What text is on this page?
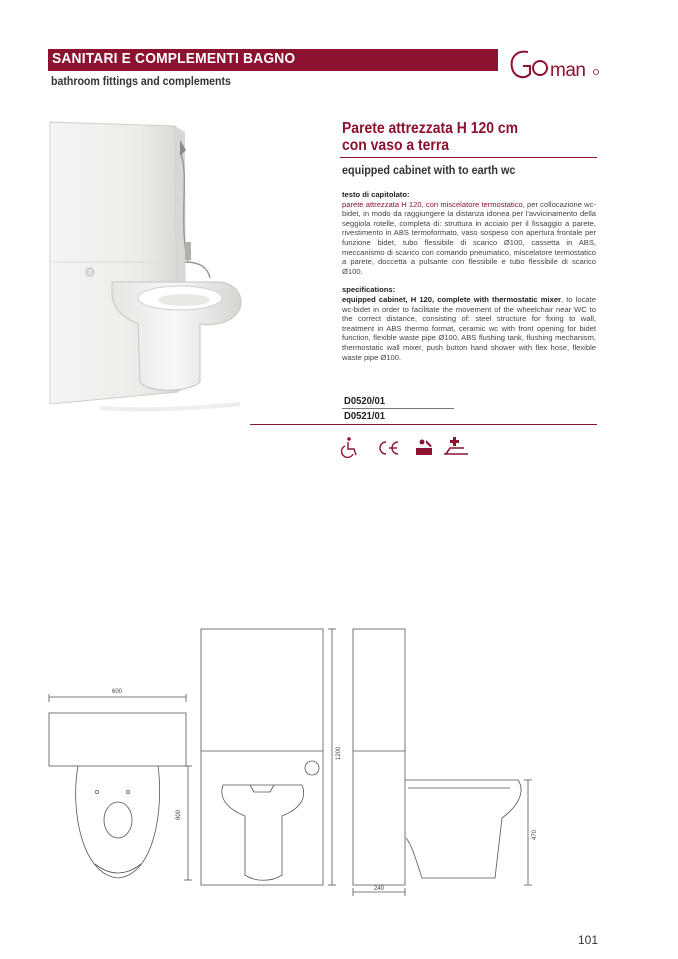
SANITARI E COMPLEMENTI BAGNO
bathroom fittings and complements
man
Parete attrezzata H 120 cm
con vaso a terra
equipped cabinet with to earth wc
testo di capitolato:
parete attrezzata H 120, con miscelatore termostatico, per collocazione wc-bidet, in modo da raggiungere la distanza idonea per l'avvicinamento della seggiola rotelle, completa di: struttura in acciaio per il fissaggio a parete, rivestimento in ABS termoformato, vaso sospeso con apertura frontale per funzione bidet, tubo flessibile di scarico Ø100, cassetta in ABS, meccanismo di scarico con comando pneumatico, miscelatore termostatico a parete, doccetta a pulsante con flessibile e tubo flessibile di scarico Ø100.
specifications:
equipped cabinet, H 120, complete with thermostatic mixer, to locate wc-bidet in order to facilitate the movement of the wheelchair near WC to the correct distance, consisting of: steel structure for fixing to wall, treatment in ABS thermo format, ceramic wc with front opening for bidet function, flexible waste pipe Ø100, ABS flushing tank, flushing mechanism, thermostatic wall mixer, push button hand shower with flex hose, flexible waste pipe Ø100.
D0520/01
D0521/01
600
800
1200
470
240
101
